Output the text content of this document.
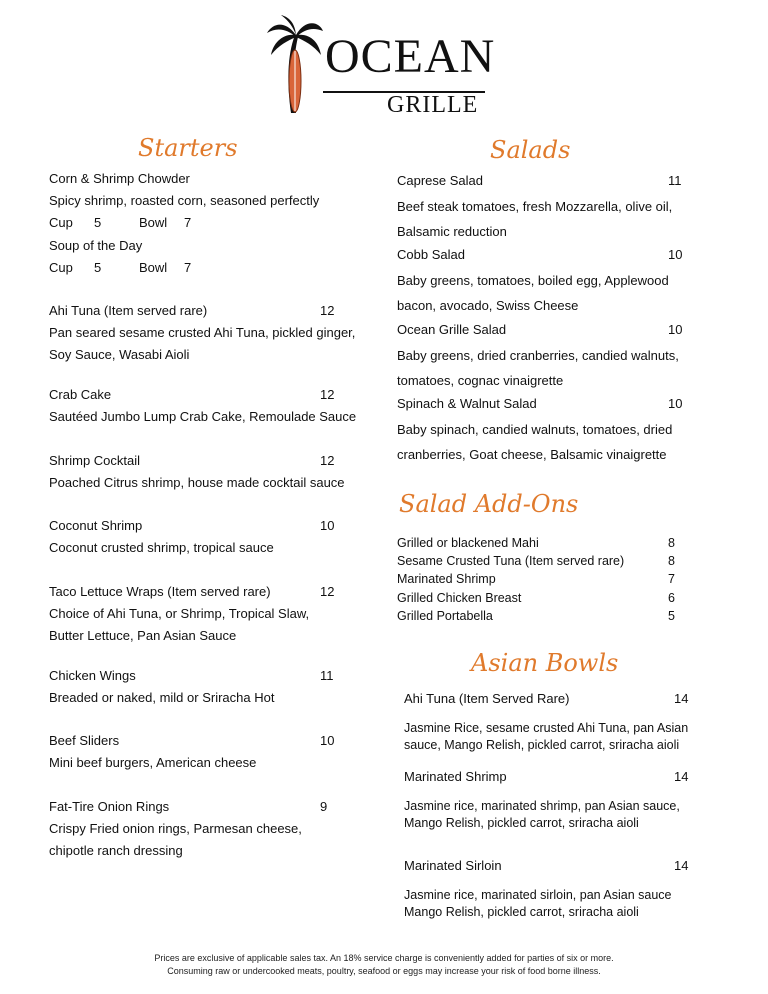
OCEAN
GRILLE
Starters	Salads
Salad Add-Ons
Asian Bowls
Corn & Shrimp Chowder
Spicy shrimp, roasted corn, seasoned perfectly
Cup 5	Bowl 7
Soup of the Day
Cup 5	Bowl 7
Ahi Tuna (Item served rare)	12
Pan seared sesame crusted Ahi Tuna, pickled ginger,
Soy Sauce, Wasabi Aioli
Crab Cake	12
Sautéed Jumbo Lump Crab Cake, Remoulade Sauce
Shrimp Cocktail	12
Poached Citrus shrimp, house made cocktail sauce
Coconut Shrimp	10
Coconut crusted shrimp, tropical sauce
Taco Lettuce Wraps (Item served rare)	12
Choice of Ahi Tuna, or Shrimp, Tropical Slaw,
Butter Lettuce, Pan Asian Sauce
Chicken Wings	11
Breaded or naked, mild or Sriracha Hot
Beef Sliders	10
Mini beef burgers, American cheese
Fat-Tire Onion Rings	9
Crispy Fried onion rings, Parmesan cheese,
chipotle ranch dressing
Caprese Salad	11
Beef steak tomatoes, fresh Mozzarella, olive oil,
Balsamic reduction
Cobb Salad	10
Baby greens, tomatoes, boiled egg, Applewood
bacon, avocado, Swiss Cheese
Ocean Grille Salad	10
Baby greens, dried cranberries, candied walnuts,
tomatoes, cognac vinaigrette
Spinach & Walnut Salad	10
Baby spinach, candied walnuts, tomatoes, dried
cranberries, Goat cheese, Balsamic vinaigrette
Grilled or blackened Mahi	8
Sesame Crusted Tuna (Item served rare)	8
Marinated Shrimp	7
Grilled Chicken Breast	6
Grilled Portabella	5
Ahi Tuna (Item Served Rare)	14
Jasmine Rice, sesame crusted Ahi Tuna, pan Asian
sauce, Mango Relish, pickled carrot, sriracha aioli
Marinated Shrimp	14
Jasmine rice, marinated shrimp, pan Asian sauce,
Mango Relish, pickled carrot, sriracha aioli
Marinated Sirloin	14
Jasmine rice, marinated sirloin, pan Asian sauce
Mango Relish, pickled carrot, sriracha aioli
Prices are exclusive of applicable sales tax. An 18% service charge is conveniently added for parties of six or more.
Consuming raw or undercooked meats, poultry, seafood or eggs may increase your risk of food borne illness.
